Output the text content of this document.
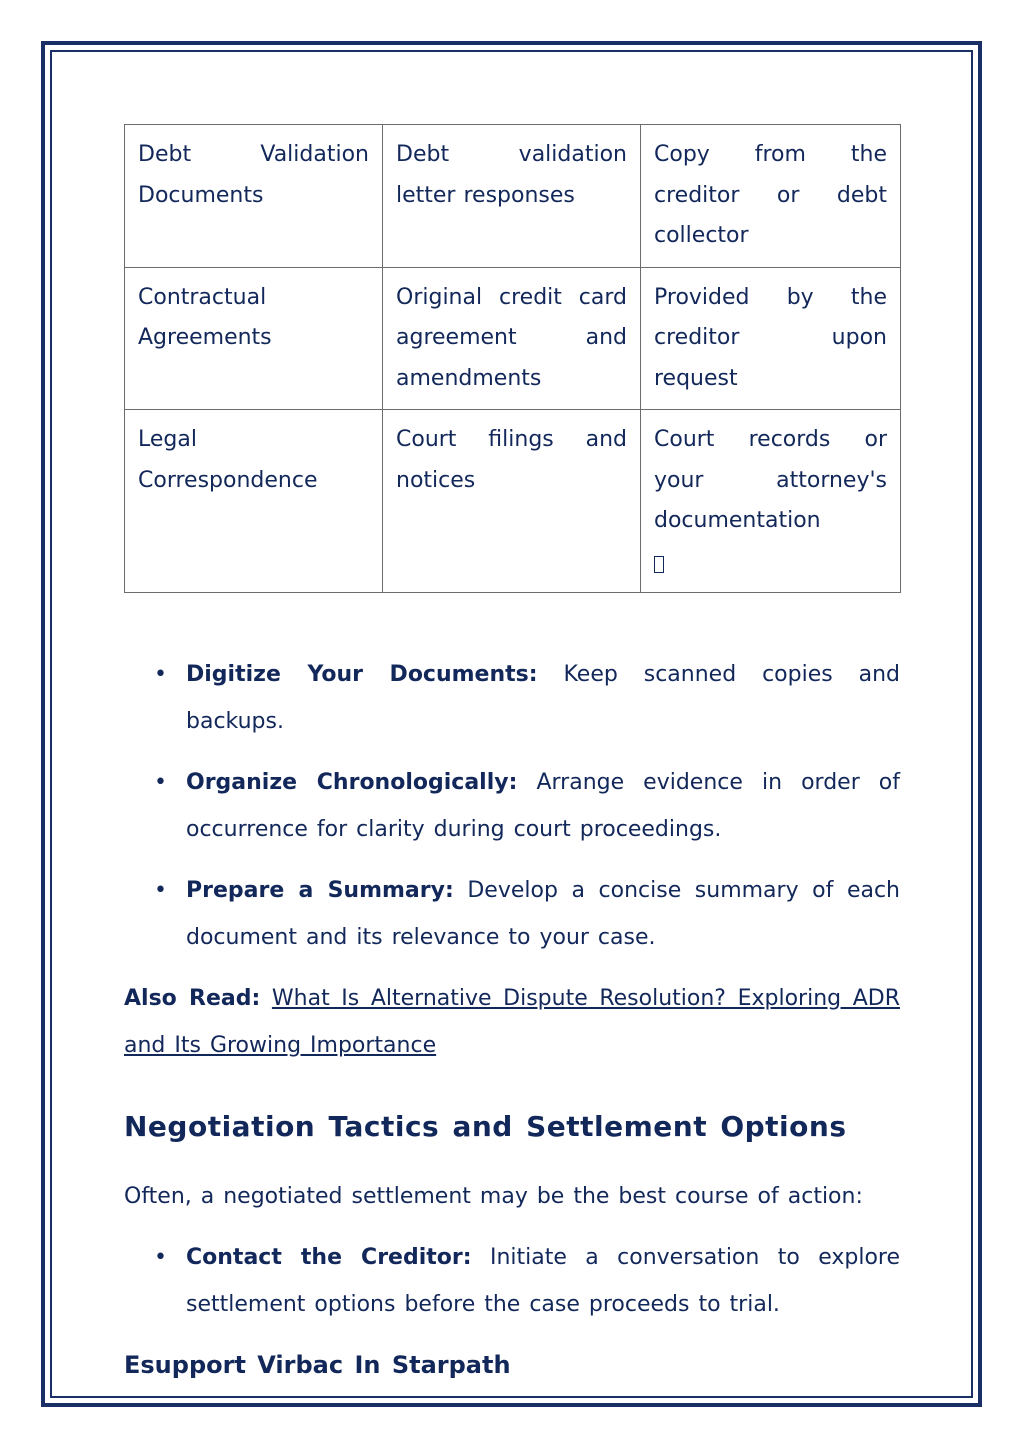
Debt Validation Documents	Debt validation letter responses	Copy from the creditor or debt collector
Contractual Agreements	Original credit card agreement and amendments	Provided by the creditor upon request
Legal Correspondence	Court filings and notices	Court records or your attorney's documentation

• Digitize Your Documents: Keep scanned copies and backups.
• Organize Chronologically: Arrange evidence in order of occurrence for clarity during court proceedings.
• Prepare a Summary: Develop a concise summary of each document and its relevance to your case.
Also Read: What Is Alternative Dispute Resolution? Exploring ADR and Its Growing Importance
Negotiation Tactics and Settlement Options
Often, a negotiated settlement may be the best course of action:
• Contact the Creditor: Initiate a conversation to explore settlement options before the case proceeds to trial.
Esupport Virbac In Starpath
